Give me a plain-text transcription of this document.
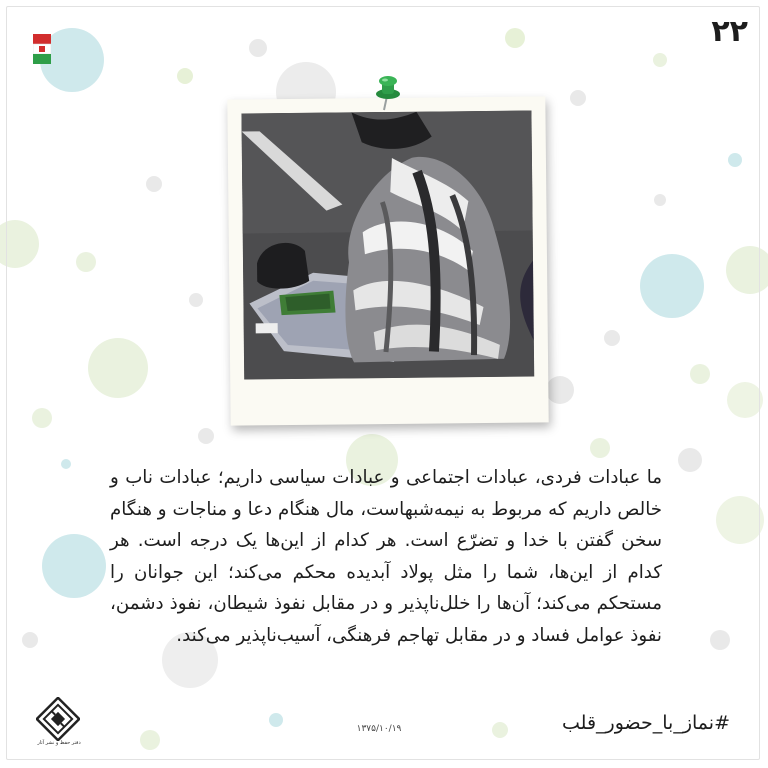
۲۲
ما عبادات فردی، عبادات اجتماعی و عبادات سیاسی داریم؛ عبادات ناب و خالص داریم که مربوط به نیمه‌شبهاست، مال هنگام دعا و مناجات و هنگام سخن گفتن با خدا و تضرّع است. هر کدام از این‌ها یک درجه است. هر کدام از این‌ها، شما را مثل پولاد آبدیده محکم می‌کند؛ این جوانان را مستحکم می‌کند؛ آن‌ها را خلل‌ناپذیر و در مقابل نفوذ شیطان، نفوذ دشمن، نفوذ عوامل فساد و در مقابل تهاجم فرهنگی، آسیب‌ناپذیر می‌کند.
۱۳۷۵/۱۰/۱۹	#نماز_با_حضور_قلب
دفتر حفظ و نشر آثار
